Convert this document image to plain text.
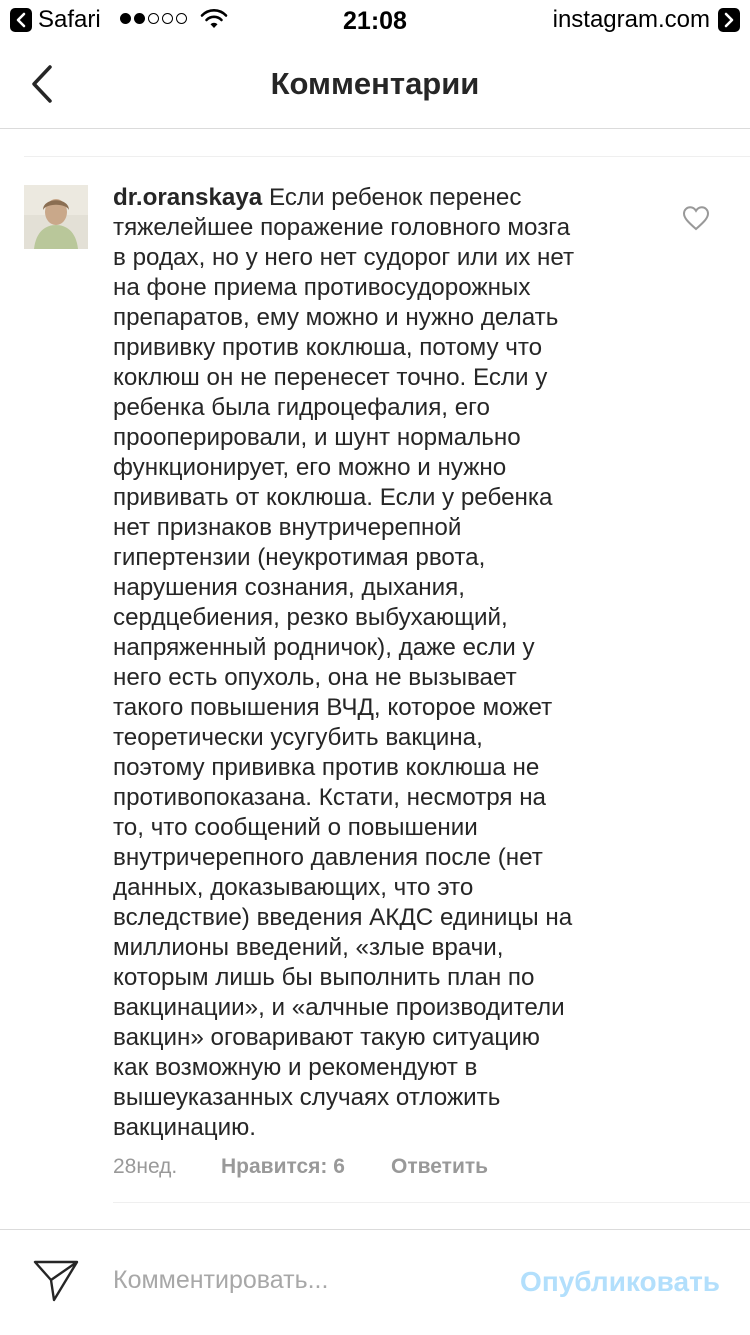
Safari	21:08	instagram.com
Комментарии
dr.oranskaya Если ребенок перенес
тяжелейшее поражение головного мозга
в родах, но у него нет судорог или их нет
на фоне приема противосудорожных
препаратов, ему можно и нужно делать
прививку против коклюша, потому что
коклюш он не перенесет точно. Если у
ребенка была гидроцефалия, его
прооперировали, и шунт нормально
функционирует, его можно и нужно
прививать от коклюша. Если у ребенка
нет признаков внутричерепной
гипертензии (неукротимая рвота,
нарушения сознания, дыхания,
сердцебиения, резко выбухающий,
напряженный родничок), даже если у
него есть опухоль, она не вызывает
такого повышения ВЧД, которое может
теоретически усугубить вакцина,
поэтому прививка против коклюша не
противопоказана. Кстати, несмотря на
то, что сообщений о повышении
внутричерепного давления после (нет
данных, доказывающих, что это
вследствие) введения АКДС единицы на
миллионы введений, «злые врачи,
которым лишь бы выполнить план по
вакцинации», и «алчные производители
вакцин» оговаривают такую ситуацию
как возможную и рекомендуют в
вышеуказанных случаях отложить
вакцинацию.
28нед.	Нравится: 6	Ответить
Комментировать...
Опубликовать
